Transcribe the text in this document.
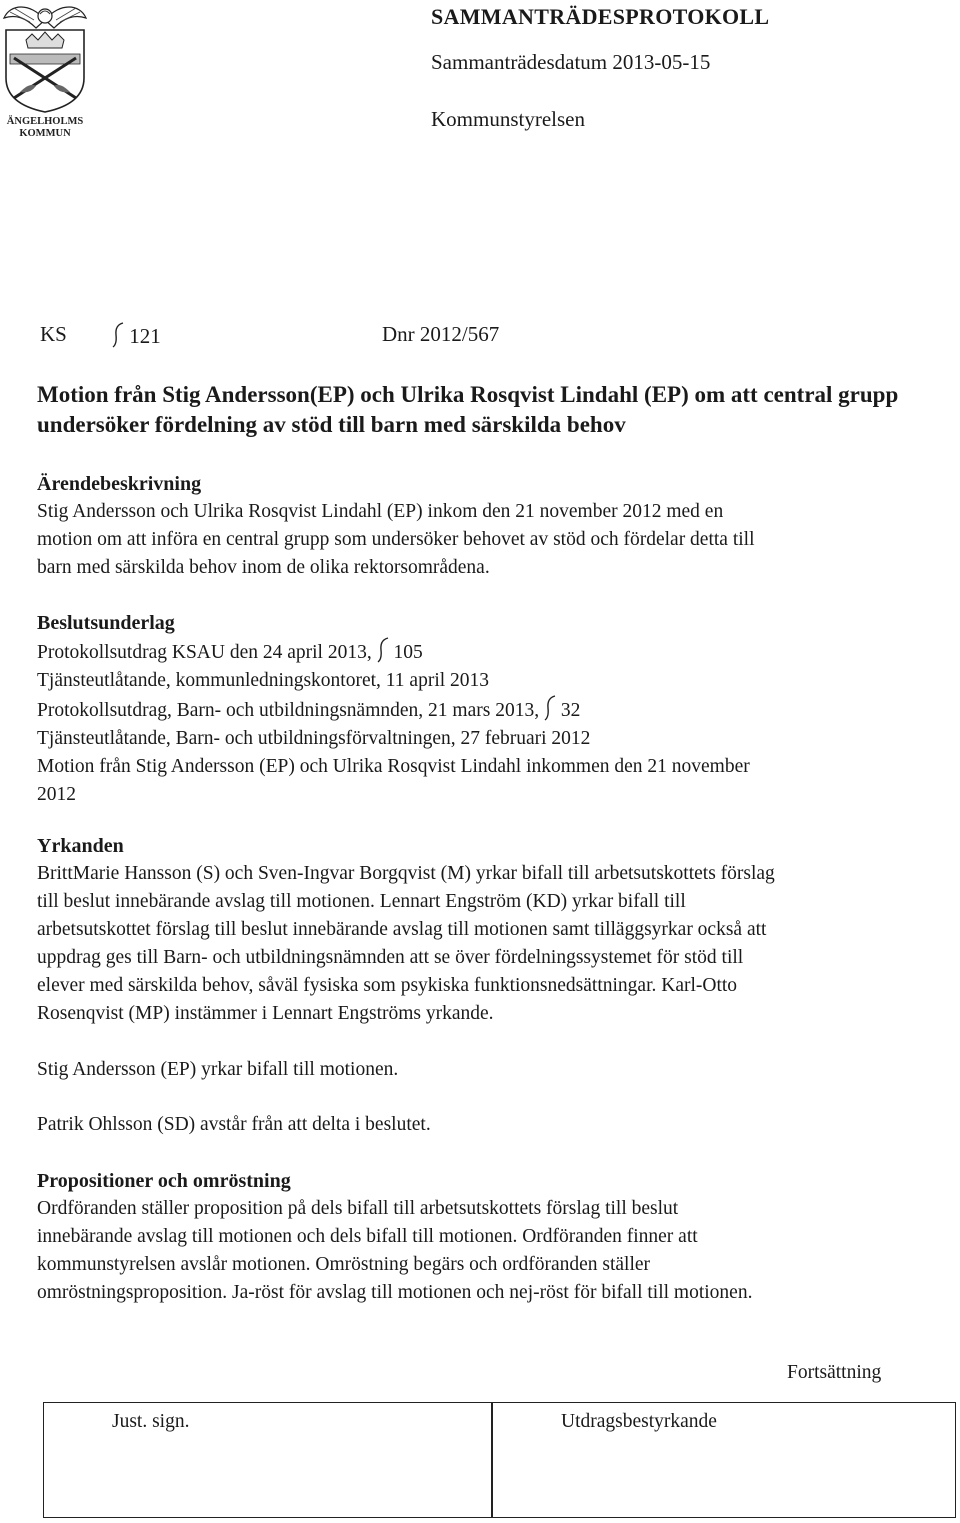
ÄNGELHOLMS
KOMMUN
SAMMANTRÄDESPROTOKOLL
Sammanträdesdatum 2013-05-15
Kommunstyrelsen
KS	121	Dnr 2012/567
Motion från Stig Andersson(EP) och Ulrika Rosqvist Lindahl (EP) om att central grupp undersöker fördelning av stöd till barn med särskilda behov
Ärendebeskrivning
Stig Andersson och Ulrika Rosqvist Lindahl (EP) inkom den 21 november 2012 med en
motion om att införa en central grupp som undersöker behovet av stöd och fördelar detta till
barn med särskilda behov inom de olika rektorsområdena.
Beslutsunderlag
Protokollsutdrag KSAU den 24 april 2013, 105
Tjänsteutlåtande, kommunledningskontoret, 11 april 2013
Protokollsutdrag, Barn- och utbildningsnämnden, 21 mars 2013, 32
Tjänsteutlåtande, Barn- och utbildningsförvaltningen, 27 februari 2012
Motion från Stig Andersson (EP) och Ulrika Rosqvist Lindahl inkommen den 21 november
2012
Yrkanden
BrittMarie Hansson (S) och Sven-Ingvar Borgqvist (M) yrkar bifall till arbetsutskottets förslag
till beslut innebärande avslag till motionen. Lennart Engström (KD) yrkar bifall till
arbetsutskottet förslag till beslut innebärande avslag till motionen samt tilläggsyrkar också att
uppdrag ges till Barn- och utbildningsnämnden att se över fördelningssystemet för stöd till
elever med särskilda behov, såväl fysiska som psykiska funktionsnedsättningar. Karl-Otto
Rosenqvist (MP) instämmer i Lennart Engströms yrkande.
Stig Andersson (EP) yrkar bifall till motionen.
Patrik Ohlsson (SD) avstår från att delta i beslutet.
Propositioner och omröstning
Ordföranden ställer proposition på dels bifall till arbetsutskottets förslag till beslut
innebärande avslag till motionen och dels bifall till motionen. Ordföranden finner att
kommunstyrelsen avslår motionen. Omröstning begärs och ordföranden ställer
omröstningsproposition. Ja-röst för avslag till motionen och nej-röst för bifall till motionen.
Fortsättning
Just. sign.	Utdragsbestyrkande
